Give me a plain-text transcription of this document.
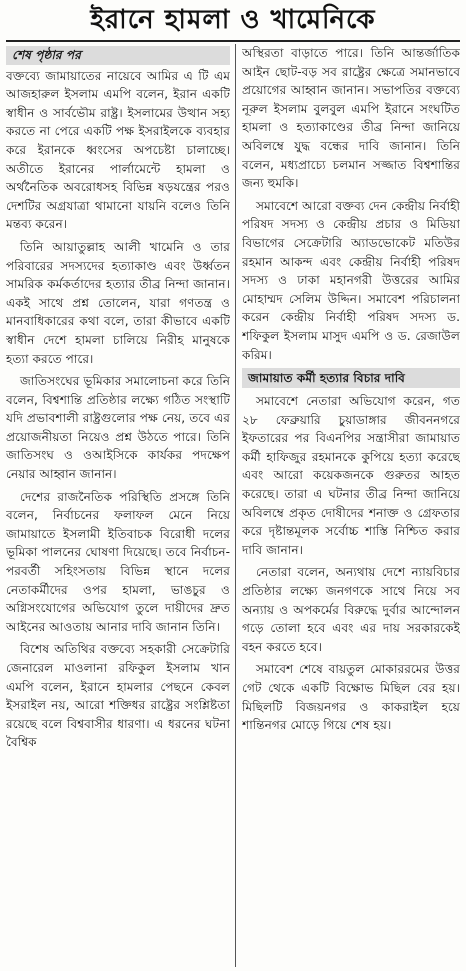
ইরানে হামলা ও খামেনিকে
শেষ পৃষ্ঠার পর

বক্তব্যে জামায়াতের নায়েবে আমির এ টি এম আজহারুল ইসলাম এমপি বলেন, ইরান একটি স্বাধীন ও সার্বভৌম রাষ্ট্র। ইসলামের উত্থান সহ্য করতে না পেরে একটি পক্ষ ইসরাইলকে ব্যবহার করে ইরানকে ধ্বংসের অপচেষ্টা চালাচ্ছে। অতীতে ইরানের পার্লামেন্টে হামলা ও অর্থনৈতিক অবরোধসহ বিভিন্ন ষড়যন্ত্রের পরও দেশটির অগ্রযাত্রা থামানো যায়নি বলেও তিনি মন্তব্য করেন।

তিনি আয়াতুল্লাহ আলী খামেনি ও তার পরিবারের সদস্যদের হত্যাকাণ্ড এবং উর্ধ্বতন সামরিক কর্মকর্তাদের হত্যার তীব্র নিন্দা জানান। একই সাথে প্রশ্ন তোলেন, যারা গণতন্ত্র ও মানবাধিকারের কথা বলে, তারা কীভাবে একটি স্বাধীন দেশে হামলা চালিয়ে নিরীহ মানুষকে হত্যা করতে পারে।

জাতিসংঘের ভূমিকার সমালোচনা করে তিনি বলেন, বিশ্বশান্তি প্রতিষ্ঠার লক্ষ্যে গঠিত সংস্থাটি যদি প্রভাবশালী রাষ্ট্রগুলোর পক্ষ নেয়, তবে এর প্রয়োজনীয়তা নিয়েও প্রশ্ন উঠতে পারে। তিনি জাতিসংঘ ও ওআইসিকে কার্যকর পদক্ষেপ নেয়ার আহ্বান জানান।

দেশের রাজনৈতিক পরিস্থিতি প্রসঙ্গে তিনি বলেন, নির্বাচনের ফলাফল মেনে নিয়ে জামায়াতে ইসলামী ইতিবাচক বিরোধী দলের ভূমিকা পালনের ঘোষণা দিয়েছে। তবে নির্বাচন-পরবর্তী সহিংসতায় বিভিন্ন স্থানে দলের নেতাকর্মীদের ওপর হামলা, ভাঙচুর ও অগ্নিসংযোগের অভিযোগ তুলে দায়ীদের দ্রুত আইনের আওতায় আনার দাবি জানান তিনি।

বিশেষ অতিথির বক্তব্যে সহকারী সেক্রেটারি জেনারেল মাওলানা রফিকুল ইসলাম খান এমপি বলেন, ইরানে হামলার পেছনে কেবল ইসরাইল নয়, আরো শক্তিধর রাষ্ট্রের সংশ্লিষ্টতা রয়েছে বলে বিশ্ববাসীর ধারণা। এ ধরনের ঘটনা বৈশ্বিক

অস্থিরতা বাড়াতে পারে। তিনি আন্তর্জাতিক আইন ছোট-বড় সব রাষ্ট্রের ক্ষেত্রে সমানভাবে প্রয়োগের আহ্বান জানান। সভাপতির বক্তব্যে নূরুল ইসলাম বুলবুল এমপি ইরানে সংঘটিত হামলা ও হত্যাকাণ্ডের তীব্র নিন্দা জানিয়ে অবিলম্বে যুদ্ধ বন্ধের দাবি জানান। তিনি বলেন, মধ্যপ্রাচ্যে চলমান সজ্জাত বিশ্বশান্তির জন্য হুমকি।

সমাবেশে আরো বক্তব্য দেন কেন্দ্রীয় নির্বাহী পরিষদ সদস্য ও কেন্দ্রীয় প্রচার ও মিডিয়া বিভাগের সেক্রেটারি অ্যাডভোকেট মতিউর রহমান আকন্দ এবং কেন্দ্রীয় নির্বাহী পরিষদ সদস্য ও ঢাকা মহানগরী উত্তরের আমির মোহাম্মদ সেলিম উদ্দিন। সমাবেশ পরিচালনা করেন কেন্দ্রীয় নির্বাহী পরিষদ সদস্য ড. শফিকুল ইসলাম মাসুদ এমপি ও ড. রেজাউল করিম।

জামায়াত কর্মী হত্যার বিচার দাবি

সমাবেশে নেতারা অভিযোগ করেন, গত ২৮ ফেব্রুয়ারি চুয়াডাঙ্গার জীবননগরে ইফতারের পর বিএনপির সন্ত্রাসীরা জামায়াত কর্মী হাফিজুর রহমানকে কুপিয়ে হত্যা করেছে এবং আরো কয়েকজনকে গুরুতর আহত করেছে। তারা এ ঘটনার তীব্র নিন্দা জানিয়ে অবিলম্বে প্রকৃত দোষীদের শনাক্ত ও গ্রেফতার করে দৃষ্টান্তমূলক সর্বোচ্চ শাস্তি নিশ্চিত করার দাবি জানান।

নেতারা বলেন, অন্যথায় দেশে ন্যায়বিচার প্রতিষ্ঠার লক্ষ্যে জনগণকে সাথে নিয়ে সব অন্যায় ও অপকর্মের বিরুদ্ধে দুর্বার আন্দোলন গড়ে তোলা হবে এবং এর দায় সরকারকেই বহন করতে হবে।

সমাবেশ শেষে বায়তুল মোকাররমের উত্তর গেট থেকে একটি বিক্ষোভ মিছিল বের হয়। মিছিলটি বিজয়নগর ও কাকরাইল হয়ে শান্তিনগর মোড়ে গিয়ে শেষ হয়।
